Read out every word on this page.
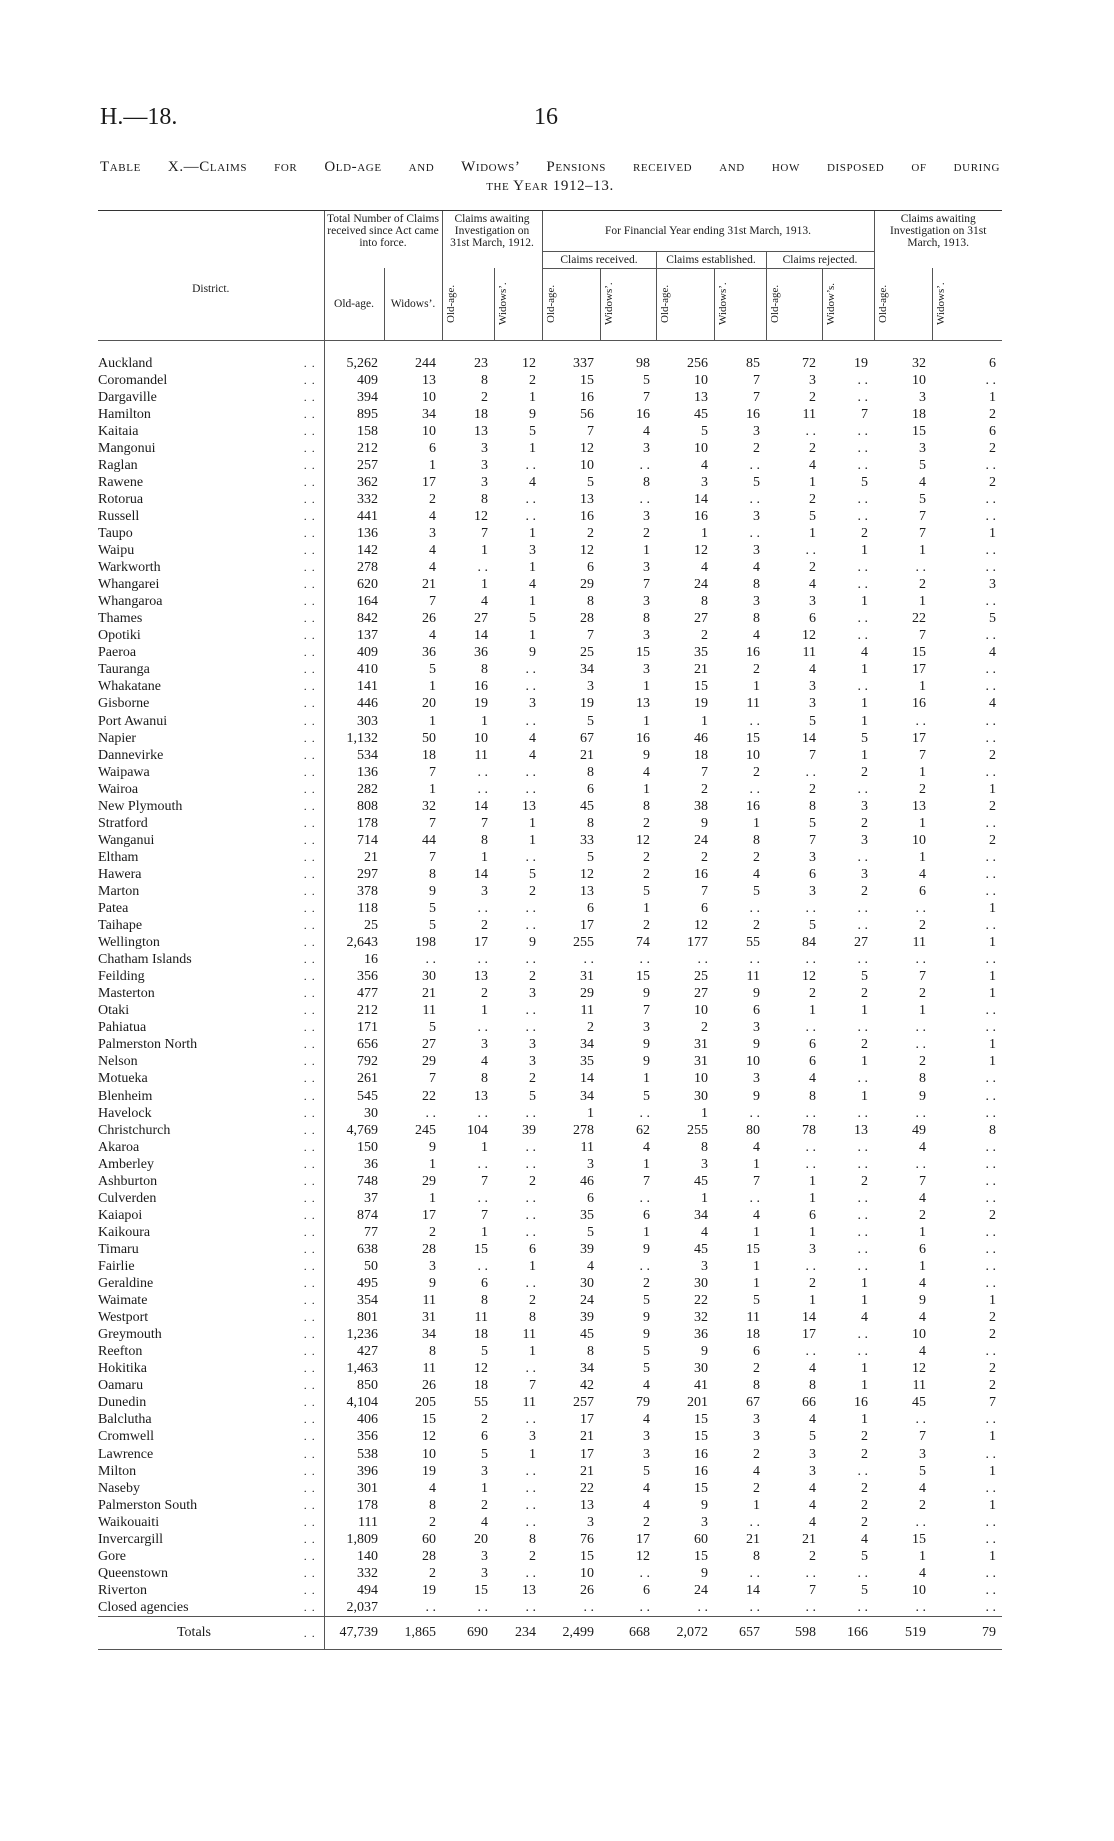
H.—18.	16
Table X.—Claims for Old-age and Widows’ Pensions received and how disposed of during
the Year 1912–13.
District.		Total Number of Claims received since Act came into force.		Claims awaiting Investigation on 31st March, 1912.		For Financial Year ending 31st March, 1913.						Claims awaiting Investigation on 31st March, 1913.	
						Claims received.		Claims established.		Claims rejected.			
		Old-age.	Widows’.	Old-age.	Widows’.	Old-age.	Widows’.	Old-age.	Widows’.	Old-age.	Widow’s.	Old-age.	Widows’.

Auckland	. .	5,262	244	23	12	337	98	256	85	72	19	32	6
Coromandel	. .	409	13	8	2	15	5	10	7	3	. .	10	. .
Dargaville	. .	394	10	2	1	16	7	13	7	2	. .	3	1
Hamilton	. .	895	34	18	9	56	16	45	16	11	7	18	2
Kaitaia	. .	158	10	13	5	7	4	5	3	. .	. .	15	6
Mangonui	. .	212	6	3	1	12	3	10	2	2	. .	3	2
Raglan	. .	257	1	3	. .	10	. .	4	. .	4	. .	5	. .
Rawene	. .	362	17	3	4	5	8	3	5	1	5	4	2
Rotorua	. .	332	2	8	. .	13	. .	14	. .	2	. .	5	. .
Russell	. .	441	4	12	. .	16	3	16	3	5	. .	7	. .
Taupo	. .	136	3	7	1	2	2	1	. .	1	2	7	1
Waipu	. .	142	4	1	3	12	1	12	3	. .	1	1	. .
Warkworth	. .	278	4	. .	1	6	3	4	4	2	. .	. .	. .
Whangarei	. .	620	21	1	4	29	7	24	8	4	. .	2	3
Whangaroa	. .	164	7	4	1	8	3	8	3	3	1	1	. .
Thames	. .	842	26	27	5	28	8	27	8	6	. .	22	5
Opotiki	. .	137	4	14	1	7	3	2	4	12	. .	7	. .
Paeroa	. .	409	36	36	9	25	15	35	16	11	4	15	4
Tauranga	. .	410	5	8	. .	34	3	21	2	4	1	17	. .
Whakatane	. .	141	1	16	. .	3	1	15	1	3	. .	1	. .
Gisborne	. .	446	20	19	3	19	13	19	11	3	1	16	4
Port Awanui	. .	303	1	1	. .	5	1	1	. .	5	1	. .	. .
Napier	. .	1,132	50	10	4	67	16	46	15	14	5	17	. .
Dannevirke	. .	534	18	11	4	21	9	18	10	7	1	7	2
Waipawa	. .	136	7	. .	. .	8	4	7	2	. .	2	1	. .
Wairoa	. .	282	1	. .	. .	6	1	2	. .	2	. .	2	1
New Plymouth	. .	808	32	14	13	45	8	38	16	8	3	13	2
Stratford	. .	178	7	7	1	8	2	9	1	5	2	1	. .
Wanganui	. .	714	44	8	1	33	12	24	8	7	3	10	2
Eltham	. .	21	7	1	. .	5	2	2	2	3	. .	1	. .
Hawera	. .	297	8	14	5	12	2	16	4	6	3	4	. .
Marton	. .	378	9	3	2	13	5	7	5	3	2	6	. .
Patea	. .	118	5	. .	. .	6	1	6	. .	. .	. .	. .	1
Taihape	. .	25	5	2	. .	17	2	12	2	5	. .	2	. .
Wellington	. .	2,643	198	17	9	255	74	177	55	84	27	11	1
Chatham Islands	. .	16	. .	. .	. .	. .	. .	. .	. .	. .	. .	. .	. .
Feilding	. .	356	30	13	2	31	15	25	11	12	5	7	1
Masterton	. .	477	21	2	3	29	9	27	9	2	2	2	1
Otaki	. .	212	11	1	. .	11	7	10	6	1	1	1	. .
Pahiatua	. .	171	5	. .	. .	2	3	2	3	. .	. .	. .	. .
Palmerston North	. .	656	27	3	3	34	9	31	9	6	2	. .	1
Nelson	. .	792	29	4	3	35	9	31	10	6	1	2	1
Motueka	. .	261	7	8	2	14	1	10	3	4	. .	8	. .
Blenheim	. .	545	22	13	5	34	5	30	9	8	1	9	. .
Havelock	. .	30	. .	. .	. .	1	. .	1	. .	. .	. .	. .	. .
Christchurch	. .	4,769	245	104	39	278	62	255	80	78	13	49	8
Akaroa	. .	150	9	1	. .	11	4	8	4	. .	. .	4	. .
Amberley	. .	36	1	. .	. .	3	1	3	1	. .	. .	. .	. .
Ashburton	. .	748	29	7	2	46	7	45	7	1	2	7	. .
Culverden	. .	37	1	. .	. .	6	. .	1	. .	1	. .	4	. .
Kaiapoi	. .	874	17	7	. .	35	6	34	4	6	. .	2	2
Kaikoura	. .	77	2	1	. .	5	1	4	1	1	. .	1	. .
Timaru	. .	638	28	15	6	39	9	45	15	3	. .	6	. .
Fairlie	. .	50	3	. .	1	4	. .	3	1	. .	. .	1	. .
Geraldine	. .	495	9	6	. .	30	2	30	1	2	1	4	. .
Waimate	. .	354	11	8	2	24	5	22	5	1	1	9	1
Westport	. .	801	31	11	8	39	9	32	11	14	4	4	2
Greymouth	. .	1,236	34	18	11	45	9	36	18	17	. .	10	2
Reefton	. .	427	8	5	1	8	5	9	6	. .	. .	4	. .
Hokitika	. .	1,463	11	12	. .	34	5	30	2	4	1	12	2
Oamaru	. .	850	26	18	7	42	4	41	8	8	1	11	2
Dunedin	. .	4,104	205	55	11	257	79	201	67	66	16	45	7
Balclutha	. .	406	15	2	. .	17	4	15	3	4	1	. .	. .
Cromwell	. .	356	12	6	3	21	3	15	3	5	2	7	1
Lawrence	. .	538	10	5	1	17	3	16	2	3	2	3	. .
Milton	. .	396	19	3	. .	21	5	16	4	3	. .	5	1
Naseby	. .	301	4	1	. .	22	4	15	2	4	2	4	. .
Palmerston South	. .	178	8	2	. .	13	4	9	1	4	2	2	1
Waikouaiti	. .	111	2	4	. .	3	2	3	. .	4	2	. .	. .
Invercargill	. .	1,809	60	20	8	76	17	60	21	21	4	15	. .
Gore	. .	140	28	3	2	15	12	15	8	2	5	1	1
Queenstown	. .	332	2	3	. .	10	. .	9	. .	. .	. .	4	. .
Riverton	. .	494	19	15	13	26	6	24	14	7	5	10	. .
Closed agencies	. .	2,037	. .	. .	. .	. .	. .	. .	. .	. .	. .	. .	. .
Totals	. .	47,739	1,865	690	234	2,499	668	2,072	657	598	166	519	79
